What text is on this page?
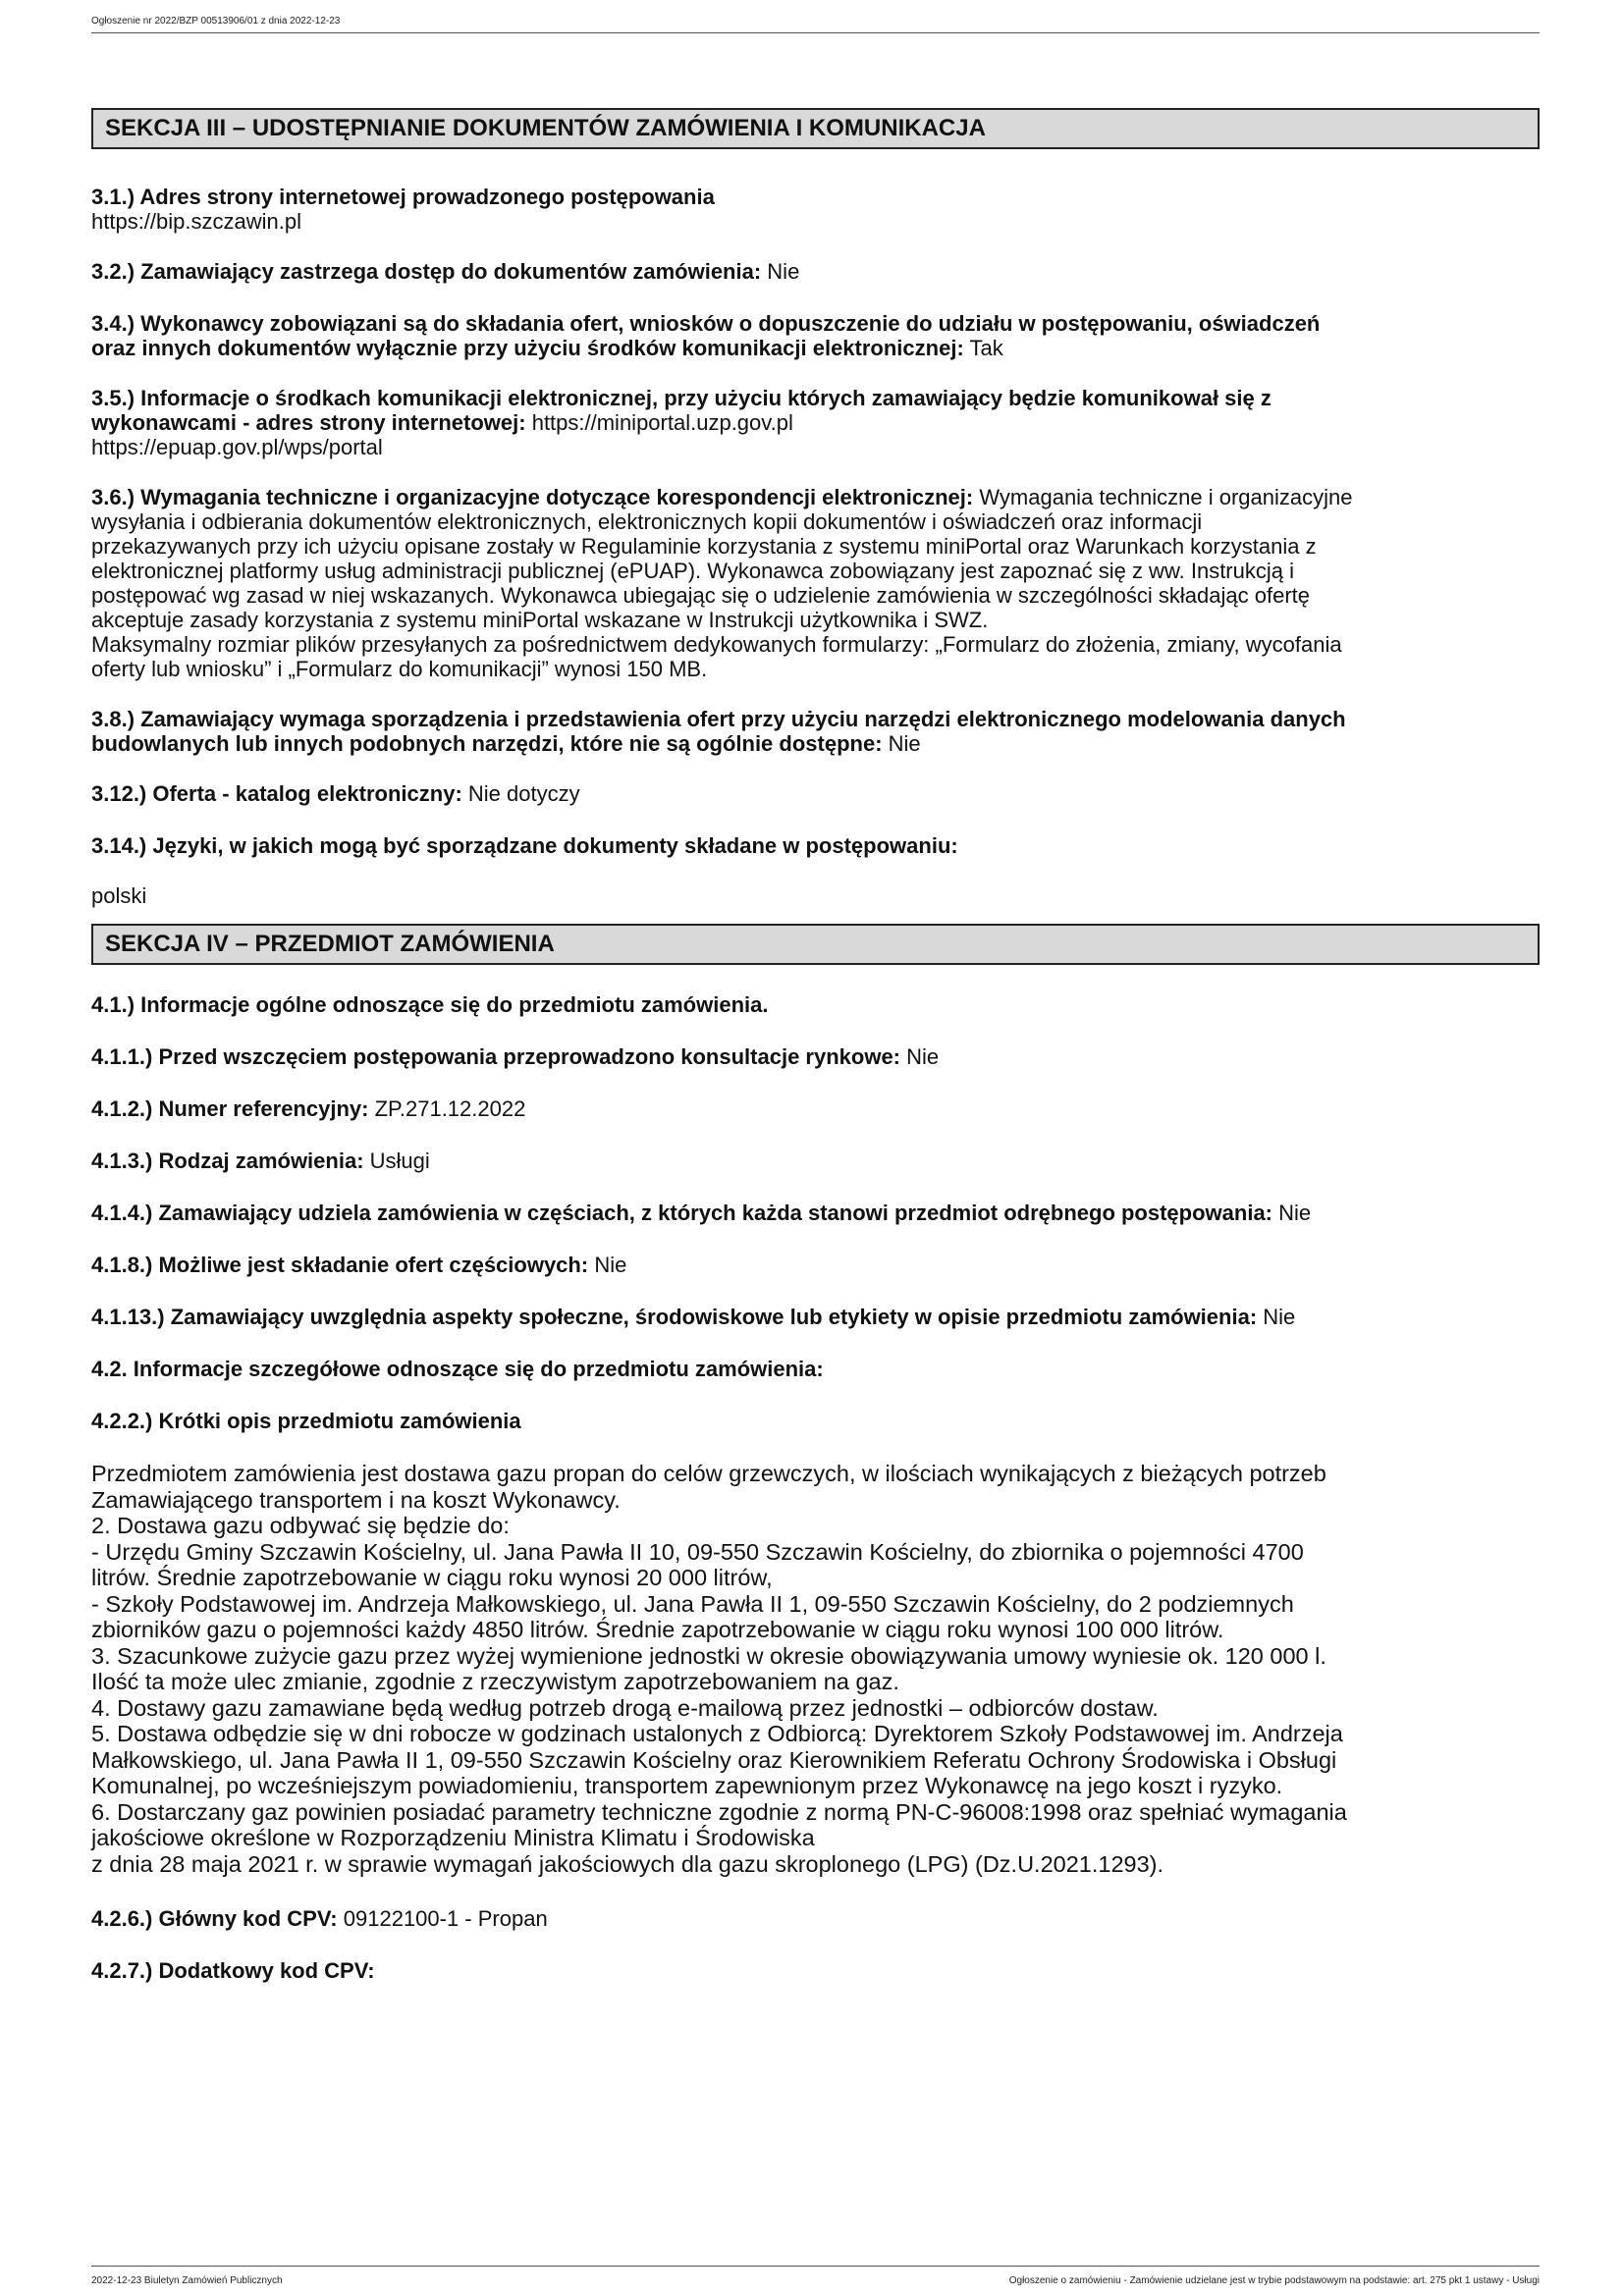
Ogłoszenie nr 2022/BZP 00513906/01 z dnia 2022-12-23
SEKCJA III – UDOSTĘPNIANIE DOKUMENTÓW ZAMÓWIENIA I KOMUNIKACJA

3.1.) Adres strony internetowej prowadzonego postępowania

https://bip.szczawin.pl

3.2.) Zamawiający zastrzega dostęp do dokumentów zamówienia: Nie

3.4.) Wykonawcy zobowiązani są do składania ofert, wniosków o dopuszczenie do udziału w postępowaniu, oświadczeń

oraz innych dokumentów wyłącznie przy użyciu środków komunikacji elektronicznej: Tak

3.5.) Informacje o środkach komunikacji elektronicznej, przy użyciu których zamawiający będzie komunikował się z

wykonawcami - adres strony internetowej: https://miniportal.uzp.gov.pl

https://epuap.gov.pl/wps/portal

3.6.) Wymagania techniczne i organizacyjne dotyczące korespondencji elektronicznej: Wymagania techniczne i organizacyjne

wysyłania i odbierania dokumentów elektronicznych, elektronicznych kopii dokumentów i oświadczeń oraz informacji

przekazywanych przy ich użyciu opisane zostały w Regulaminie korzystania z systemu miniPortal oraz Warunkach korzystania z

elektronicznej platformy usług administracji publicznej (ePUAP). Wykonawca zobowiązany jest zapoznać się z ww. Instrukcją i

postępować wg zasad w niej wskazanych. Wykonawca ubiegając się o udzielenie zamówienia w szczególności składając ofertę

akceptuje zasady korzystania z systemu miniPortal wskazane w Instrukcji użytkownika i SWZ.

Maksymalny rozmiar plików przesyłanych za pośrednictwem dedykowanych formularzy: „Formularz do złożenia, zmiany, wycofania

oferty lub wniosku” i „Formularz do komunikacji” wynosi 150 MB.

3.8.) Zamawiający wymaga sporządzenia i przedstawienia ofert przy użyciu narzędzi elektronicznego modelowania danych

budowlanych lub innych podobnych narzędzi, które nie są ogólnie dostępne: Nie

3.12.) Oferta - katalog elektroniczny: Nie dotyczy

3.14.) Języki, w jakich mogą być sporządzane dokumenty składane w postępowaniu:

polski

SEKCJA IV – PRZEDMIOT ZAMÓWIENIA

4.1.) Informacje ogólne odnoszące się do przedmiotu zamówienia.

4.1.1.) Przed wszczęciem postępowania przeprowadzono konsultacje rynkowe: Nie

4.1.2.) Numer referencyjny: ZP.271.12.2022

4.1.3.) Rodzaj zamówienia: Usługi

4.1.4.) Zamawiający udziela zamówienia w częściach, z których każda stanowi przedmiot odrębnego postępowania: Nie

4.1.8.) Możliwe jest składanie ofert częściowych: Nie

4.1.13.) Zamawiający uwzględnia aspekty społeczne, środowiskowe lub etykiety w opisie przedmiotu zamówienia: Nie

4.2. Informacje szczegółowe odnoszące się do przedmiotu zamówienia:

4.2.2.) Krótki opis przedmiotu zamówienia

Przedmiotem zamówienia jest dostawa gazu propan do celów grzewczych, w ilościach wynikających z bieżących potrzeb

Zamawiającego transportem i na koszt Wykonawcy.

2. Dostawa gazu odbywać się będzie do:

- Urzędu Gminy Szczawin Kościelny, ul. Jana Pawła II 10, 09-550 Szczawin Kościelny, do zbiornika o pojemności 4700

litrów. Średnie zapotrzebowanie w ciągu roku wynosi 20 000 litrów,

- Szkoły Podstawowej im. Andrzeja Małkowskiego, ul. Jana Pawła II 1, 09-550 Szczawin Kościelny, do 2 podziemnych

zbiorników gazu o pojemności każdy 4850 litrów. Średnie zapotrzebowanie w ciągu roku wynosi 100 000 litrów.

3. Szacunkowe zużycie gazu przez wyżej wymienione jednostki w okresie obowiązywania umowy wyniesie ok. 120 000 l.

Ilość ta może ulec zmianie, zgodnie z rzeczywistym zapotrzebowaniem na gaz.

4. Dostawy gazu zamawiane będą według potrzeb drogą e-mailową przez jednostki – odbiorców dostaw.

5. Dostawa odbędzie się w dni robocze w godzinach ustalonych z Odbiorcą: Dyrektorem Szkoły Podstawowej im. Andrzeja

Małkowskiego, ul. Jana Pawła II 1, 09-550 Szczawin Kościelny oraz Kierownikiem Referatu Ochrony Środowiska i Obsługi

Komunalnej, po wcześniejszym powiadomieniu, transportem zapewnionym przez Wykonawcę na jego koszt i ryzyko.

6. Dostarczany gaz powinien posiadać parametry techniczne zgodnie z normą PN-C-96008:1998 oraz spełniać wymagania

jakościowe określone w Rozporządzeniu Ministra Klimatu i Środowiska

z dnia 28 maja 2021 r. w sprawie wymagań jakościowych dla gazu skroplonego (LPG) (Dz.U.2021.1293).

4.2.6.) Główny kod CPV: 09122100-1 - Propan

4.2.7.) Dodatkowy kod CPV:

2022-12-23 Biuletyn Zamówień Publicznych	Ogłoszenie o zamówieniu - Zamówienie udzielane jest w trybie podstawowym na podstawie: art. 275 pkt 1 ustawy - Usługi
